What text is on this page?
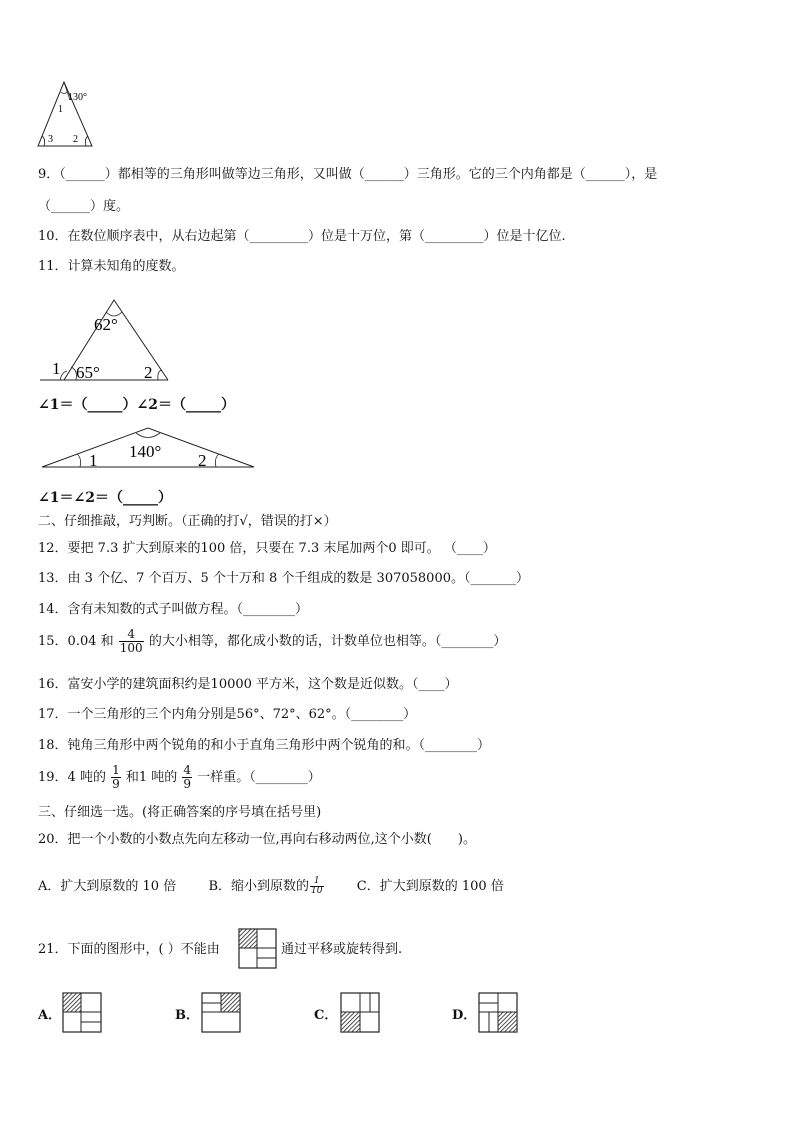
130°
1
3 2
62°
65°
1	2
140°
1	2
9．（______）都相等的三角形叫做等边三角形，又叫做（______）三角形。它的三个内角都是（______），是
（______）度。
10．在数位顺序表中，从右边起第（_________）位是十万位，第（_________）位是十亿位.
11．计算未知角的度数。
∠1＝（_____）∠2＝（_____）
∠1＝∠2＝（_____）
二、仔细推敲，巧判断。（正确的打√，错误的打×）
12．要把 7.3 扩大到原来的100 倍，只要在 7.3 末尾加两个0 即可。 （____）
13．由 3 个亿、7 个百万、5 个十万和 8 个千组成的数是 307058000。（_______）
14．含有未知数的式子叫做方程。（________）
15．0.04 和 $\frac{4}{100}$ 的大小相等，都化成小数的话，计数单位也相等。（________）
16．富安小学的建筑面积约是10000 平方米，这个数是近似数。（____）
17．一个三角形的三个内角分别是56°、72°、62°。（________）
18．钝角三角形中两个锐角的和小于直角三角形中两个锐角的和。（________）
19．4 吨的 $\frac{1}{9}$ 和1 吨的 $\frac{4}{9}$ 一样重。（________）
三、仔细选一选。(将正确答案的序号填在括号里)
20．把一个小数的小数点先向左移动一位,再向右移动两位,这个小数(　　)。
A．扩大到原数的 10 倍 B．缩小到原数的 $\frac{1}{10}$	C．扩大到原数的 100 倍
21．下面的图形中，( ）不能由	通过平移或旋转得到.
A．	B．	C．	D．
